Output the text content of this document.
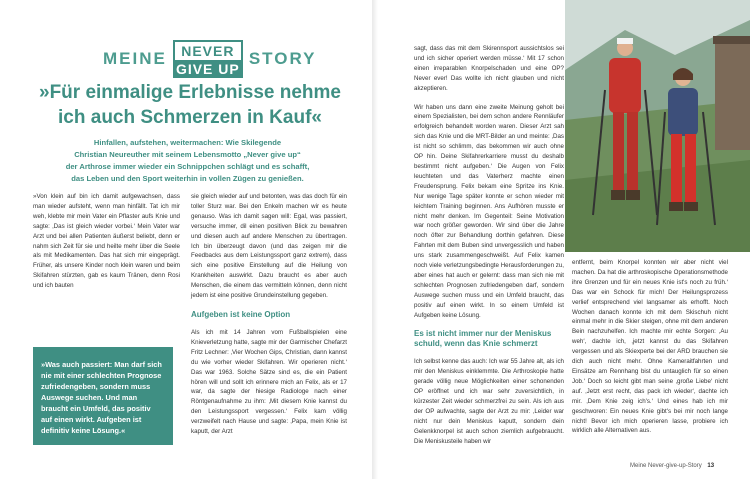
MEINE	NEVER
GIVE UP
STORY
»Für einmalige Erlebnisse nehme
ich auch Schmerzen in Kauf«
Hinfallen, aufstehen, weitermachen: Wie Skilegende
Christian Neureuther mit seinem Lebensmotto „Never give up“
der Arthrose immer wieder ein Schnippchen schlägt und es schafft,
das Leben und den Sport weiterhin in vollen Zügen zu genießen.

»Von klein auf bin ich damit aufgewachsen, dass man wieder aufsteht, wenn man hinfällt. Tat ich mir weh, klebte mir mein Vater ein Pflaster aufs Knie und sagte: ‚Das ist gleich wieder vorbei.‘ Mein Vater war Arzt und bei allen Patienten äußerst beliebt, denn er nahm sich Zeit für sie und heilte mehr über die Seele als mit Medikamenten. Das hat sich mir eingeprägt. Früher, als unsere Kinder noch klein waren und beim Skifahren stürzten, gab es kaum Tränen, denn Rosi und ich bauten

»Was auch passiert: Man darf sich nie mit einer schlechten Prognose zufriedengeben, sondern muss Auswege suchen. Und man braucht ein Umfeld, das positiv auf einen wirkt. Aufgeben ist definitiv keine Lösung.«

sie gleich wieder auf und betonten, was das doch für ein toller Sturz war. Bei den Enkeln machen wir es heute genauso. Was ich damit sagen will: Egal, was passiert, versuche immer, dil einen positiven Blick zu bewahren und diesen auch auf andere Menschen zu übertragen. Ich bin überzeugt davon (und das zeigen mir die Feedbacks aus dem Leistungssport ganz extrem), dass sich eine positive Einstellung auf die Heilung von Krankheiten auswirkt. Dazu braucht es aber auch Menschen, die einem das vermitteln können, denn nicht jedem ist eine positive Grundeinstellung gegeben.

Aufgeben ist keine Option

Als ich mit 14 Jahren vom Fußballspielen eine Knieverletzung hatte, sagte mir der Garmischer Chefarzt Fritz Lechner: ‚Vier Wochen Gips, Christian, dann kannst du wie vorher wieder Skifahren. Wir operieren nicht.‘ Das war 1963. Solche Sätze sind es, die ein Patient hören will und sollt ich erinnere mich an Felix, als er 17 war, da sagte der hiesige Radiologe nach einer Röntgenaufnahme zu ihm: ‚Mit diesem Knie kannst du den Leistungssport vergessen.‘ Felix kam völlig verzweifelt nach Hause und sagte: ‚Papa, mein Knie ist kaputt, der Arzt

sagt, dass das mit dem Skirennsport aussichtslos sei und ich sicher operiert werden müsse.‘ Mit 17 schon einen irreparablen Knorpelschaden und eine OP? Never ever! Das wollte ich nicht glauben und nicht akzeptieren.

Wir haben uns dann eine zweite Meinung geholt bei einem Spezialisten, bei dem schon andere Rennläufer erfolgreich behandelt worden waren. Dieser Arzt sah sich das Knie und die MRT-Bilder an und meinte: ‚Das ist nicht so schlimm, das bekommen wir auch ohne OP hin. Deine Skifahrerkarriere musst du deshalb bestimmt nicht aufgeben.‘ Die Augen von Felix leuchteten und das Vaterherz machte einen Freudensprung. Felix bekam eine Spritze ins Knie. Nur wenige Tage später konnte er schon wieder mit leichtem Training beginnen. Ans Aufhören musste er nicht mehr denken. Im Gegenteil: Seine Motivation war noch größer geworden. Wir sind über die Jahre noch öfter zur Behandlung dorthin gefahren. Diese Fahrten mit dem Buben sind unvergesslich und haben uns stark zusammengeschweißt. Auf Felix kamen noch viele verletzungsbedingte Herausforderungen zu, aber eines hat auch er gelernt: dass man sich nie mit schlechten Prognosen zufriedengeben darf, sondern Auswege suchen muss und ein Umfeld braucht, das positiv auf einen wirkt. In so einem Umfeld ist Aufgeben keine Lösung.

Es ist nicht immer nur der Meniskus
schuld, wenn das Knie schmerzt

Ich selbst kenne das auch: Ich war 55 Jahre alt, als ich mir den Meniskus einklemmte. Die Arthroskopie hatte gerade völlig neue Möglichkeiten einer schonenden OP eröffnet und ich war sehr zuversichtlich, in kürzester Zeit wieder schmerzfrei zu sein. Als ich aus der OP aufwachte, sagte der Arzt zu mir: ‚Leider war nicht nur dein Meniskus kaputt, sondern dein Gelenkknorpel ist auch schon ziemlich aufgebraucht. Die Meniskusteile haben wir

entfernt, beim Knorpel konnten wir aber nicht viel machen. Da hat die arthroskopische Operationsmethode ihre Grenzen und für ein neues Knie ist's noch zu früh.‘ Das war ein Schock für mich! Der Heilungsprozess verlief entsprechend viel langsamer als erhofft. Noch Wochen danach konnte ich mit dem Skischuh nicht einmal mehr in die Skier steigen, ohne mit dem anderen Bein nachzuhelfen. Ich machte mir echte Sorgen: ‚Au weh‘, dachte ich, ‚jetzt kannst du das Skifahren vergessen und als Skiexperte bei der ARD brauchen sie dich auch nicht mehr. Ohne Kameraitfahrten und Einsätze am Rennhang bist du untauglich für so einen Job.‘ Doch so leicht gibt man seine ‚große Liebe‘ nicht auf. ‚Jetzt erst recht, das pack ich wieder‘, dachte ich mir. ‚Dem Knie zeig ich's.‘ Und eines hab ich mir geschworen: Ein neues Knie gibt's bei mir noch lange nicht! Bevor ich mich operieren lasse, probiere ich wirklich alle Alternativen aus.

Meine Never-give-up-Story 13
